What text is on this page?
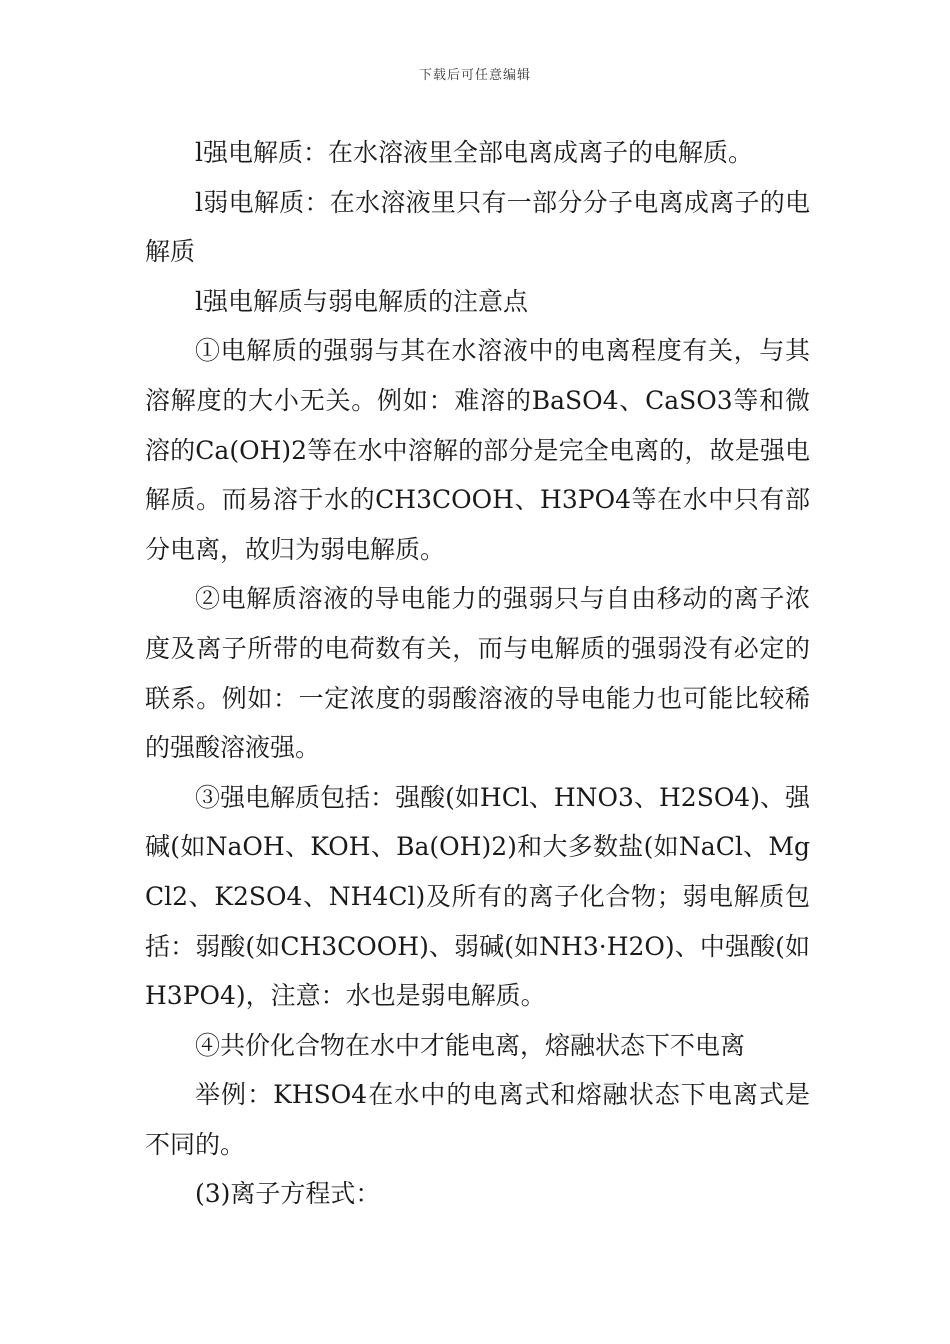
下载后可任意编辑

l强电解质：在水溶液里全部电离成离子的电解质。

l弱电解质：在水溶液里只有一部分分子电离成离子的电解质

l强电解质与弱电解质的注意点

①电解质的强弱与其在水溶液中的电离程度有关，与其溶解度的大小无关。例如：难溶的BaSO4、CaSO3等和微溶的Ca(OH)2等在水中溶解的部分是完全电离的，故是强电解质。而易溶于水的CH3COOH、H3PO4等在水中只有部分电离，故归为弱电解质。

②电解质溶液的导电能力的强弱只与自由移动的离子浓度及离子所带的电荷数有关，而与电解质的强弱没有必定的联系。例如：一定浓度的弱酸溶液的导电能力也可能比较稀的强酸溶液强。

③强电解质包括：强酸(如HCl、HNO3、H2SO4)、强碱(如NaOH、KOH、Ba(OH)2)和大多数盐(如NaCl、MgCl2、K2SO4、NH4Cl)及所有的离子化合物；弱电解质包括：弱酸(如CH3COOH)、弱碱(如NH3·H2O)、中强酸(如H3PO4)，注意：水也是弱电解质。

④共价化合物在水中才能电离，熔融状态下不电离

举例：KHSO4在水中的电离式和熔融状态下电离式是不同的。

(3)离子方程式：
